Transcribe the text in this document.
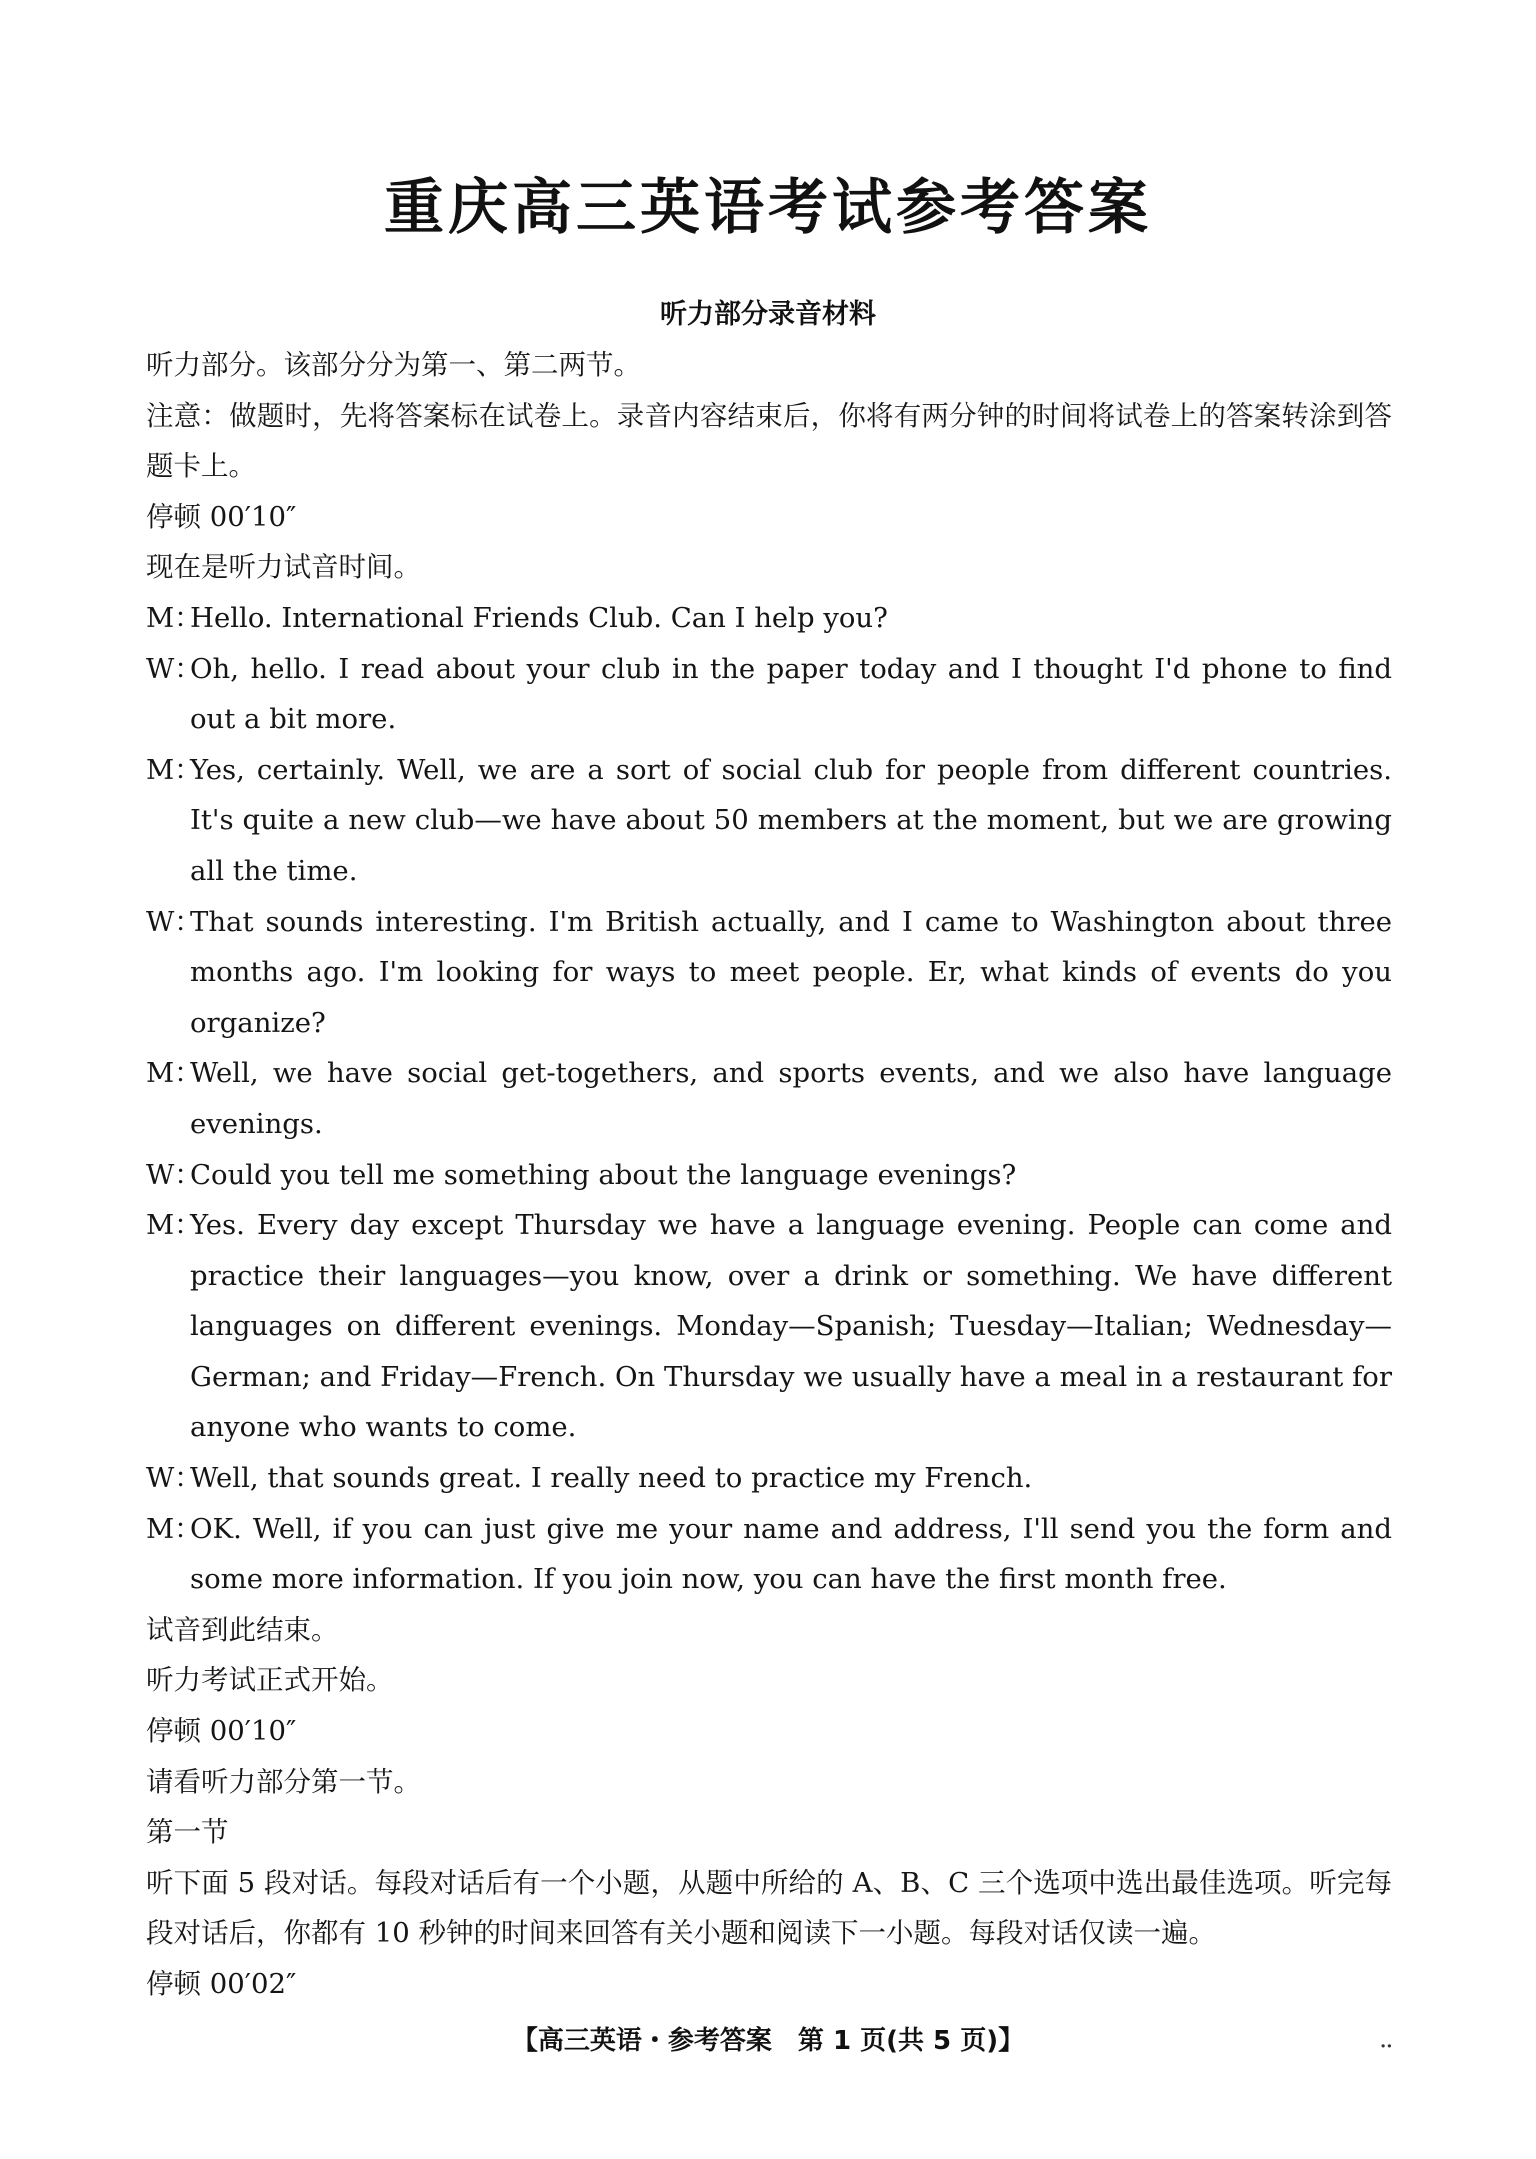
重庆高三英语考试参考答案
听力部分录音材料
听力部分。该部分分为第一、第二两节。
注意：做题时，先将答案标在试卷上。录音内容结束后，你将有两分钟的时间将试卷上的答案转涂到答题卡上。
停顿 00′10″
现在是听力试音时间。
M：
Hello. International Friends Club. Can I help you?
W：
Oh, hello. I read about your club in the paper today and I thought I'd phone to find out a bit more.
M：
Yes, certainly. Well, we are a sort of social club for people from different countries. It's quite a new club—we have about 50 members at the moment, but we are growing all the time.
W：
That sounds interesting. I'm British actually, and I came to Washington about three months ago. I'm looking for ways to meet people. Er, what kinds of events do you organize?
M：
Well, we have social get-togethers, and sports events, and we also have language evenings.
W：
Could you tell me something about the language evenings?
M：
Yes. Every day except Thursday we have a language evening. People can come and practice their languages—you know, over a drink or something. We have different languages on different evenings. Monday—Spanish; Tuesday—Italian; Wednesday—German; and Friday—French. On Thursday we usually have a meal in a restaurant for anyone who wants to come.
W：
Well, that sounds great. I really need to practice my French.
M：
OK. Well, if you can just give me your name and address, I'll send you the form and some more information. If you join now, you can have the first month free.
试音到此结束。
听力考试正式开始。
停顿 00′10″
请看听力部分第一节。
第一节
听下面 5 段对话。每段对话后有一个小题，从题中所给的 A、B、C 三个选项中选出最佳选项。听完每段对话后，你都有 10 秒钟的时间来回答有关小题和阅读下一小题。每段对话仅读一遍。
停顿 00′02″
【高三英语・参考答案　第 1 页(共 5 页)】	··
